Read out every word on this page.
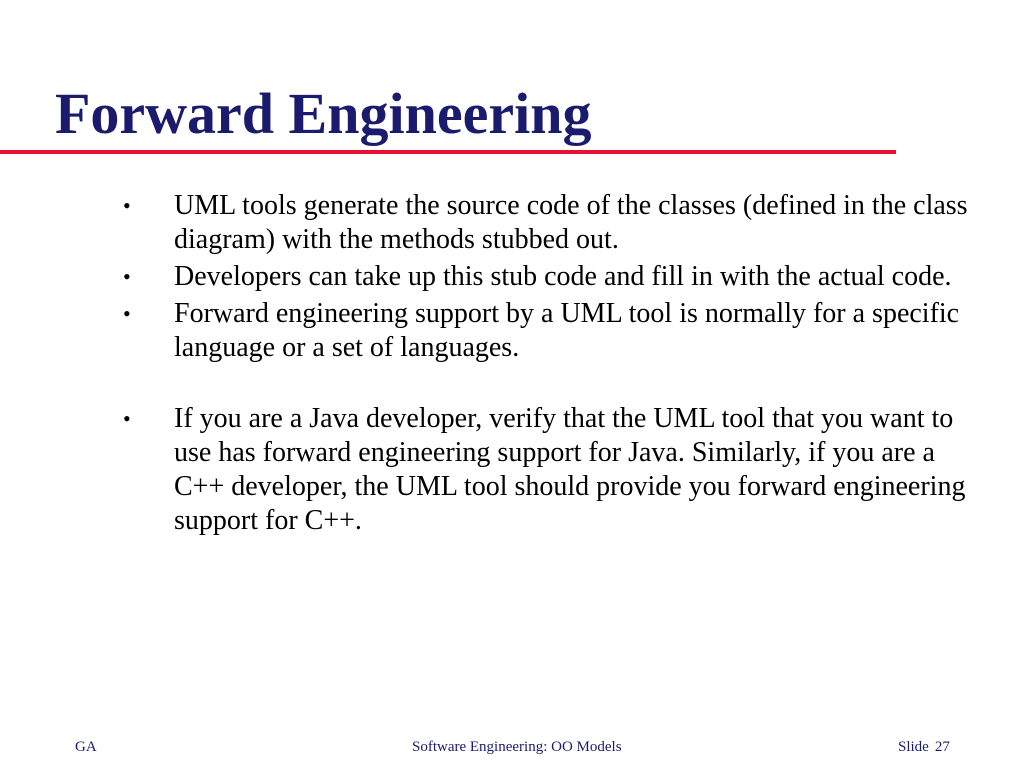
Forward Engineering
• UML tools generate the source code of the classes (defined in the class diagram) with the methods stubbed out.
• Developers can take up this stub code and fill in with the actual code.
• Forward engineering support by a UML tool is normally for a specific language or a set of languages.
• If you are a Java developer, verify that the UML tool that you want to use has forward engineering support for Java. Similarly, if you are a C++ developer, the UML tool should provide you forward engineering support for C++.
GA	Software Engineering: OO Models	Slide 27
